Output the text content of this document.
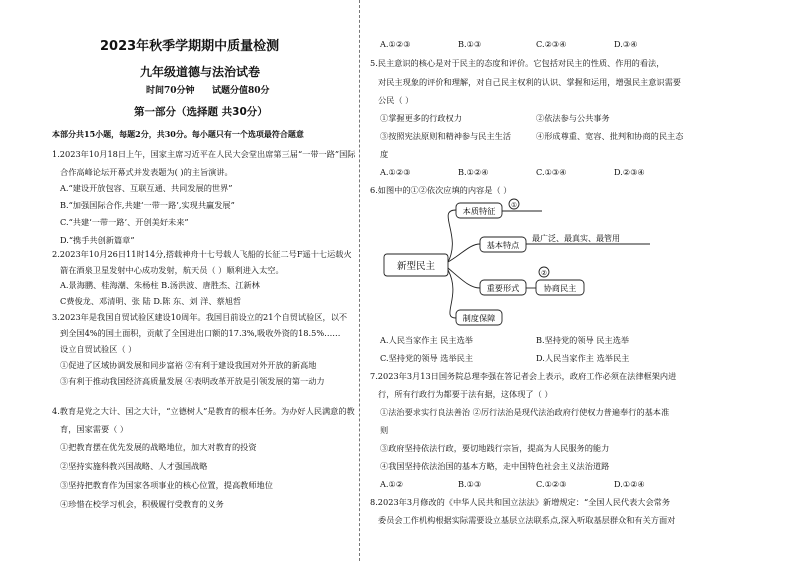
2023年秋季学期期中质量检测
九年级道德与法治试卷
时间70分钟 试题分值80分
第一部分（选择题 共30分）
本部分共15小题，每题2分，共30分。每小题只有一个选项最符合题意
1.2023年10月18日上午，国家主席习近平在人民大会堂出席第三届“一带一路”国际
合作高峰论坛开幕式并发表题为( )的主旨演讲。
A.“建设开放包容、互联互通、共同发展的世界”
B.“加强国际合作,共建‘一带一路’,实现共赢发展”
C.“共建‘一带一路’、开创美好未来”
D.“携手共创新篇章”
2.2023年10月26日11时14分,搭载神舟十七号载人飞船的长征二号F遥十七运载火
箭在酒泉卫星发射中心成功发射，航天员（ ）顺利进入太空。
A.景海鹏、桂海潮、朱杨柱 B.汤洪波、唐胜杰、江新林
C费俊龙、邓清明、张 陆 D.陈 东、刘 洋、蔡旭哲
3.2023年是我国自贸试验区建设10周年。我国目前设立的21个自贸试验区，以不
到全国4%的国土面积，贡献了全国进出口额的17.3%,吸收外资的18.5%……
设立自贸试验区（ ）
①促进了区域协调发展和同步富裕 ②有利于建设我国对外开放的新高地
③有利于推动我国经济高质量发展 ④表明改革开放是引领发展的第一动力
4.教育是党之大计、国之大计，“立德树人”是教育的根本任务。为办好人民满意的教
育，国家需要（ ）
①把教育摆在优先发展的战略地位，加大对教育的投资
②坚持实施科教兴国战略、人才强国战略
③坚持把教育作为国家各项事业的核心位置，提高教师地位
④珍惜在校学习机会，积极履行受教育的义务
A.①②③	B.①③	C.②③④	D.③④
5.民主意识的核心是对于民主的态度和评价。它包括对民主的性质、作用的看法，
对民主现象的评价和理解，对自己民主权利的认识、掌握和运用，增强民主意识需要
公民（ ）
①掌握更多的行政权力	②依法参与公共事务
③按照宪法原则和精神参与民主生活	④形成尊重、宽容、批判和协商的民主态
度
A.①②③	B.①②④	C.①③④	D.②③④
6.如图中的①②依次应填的内容是（ ）
新型民主
本质特征
基本特点
重要形式
制度保障
①
②
最广泛、最真实、最管用
协商民主
A.人民当家作主 民主选举	B.坚持党的领导 民主选举
C.坚持党的领导 选举民主	D.人民当家作主 选举民主
7.2023年3月13日国务院总理李强在答记者会上表示，政府工作必须在法律框架内进
行，所有行政行为都要于法有据，这体现了（ ）
①法治要求实行良法善治 ②厉行法治是现代法治政府行使权力普遍奉行的基本准
则
③政府坚持依法行政，要切地践行宗旨，提高为人民服务的能力
④我国坚持依法治国的基本方略，走中国特色社会主义法治道路
A.①②	B.①③	C.①②③	D.①②④
8.2023年3月修改的《中华人民共和国立法法》新增规定：“全国人民代表大会常务
委员会工作机构根据实际需要设立基层立法联系点,深入听取基层群众和有关方面对
